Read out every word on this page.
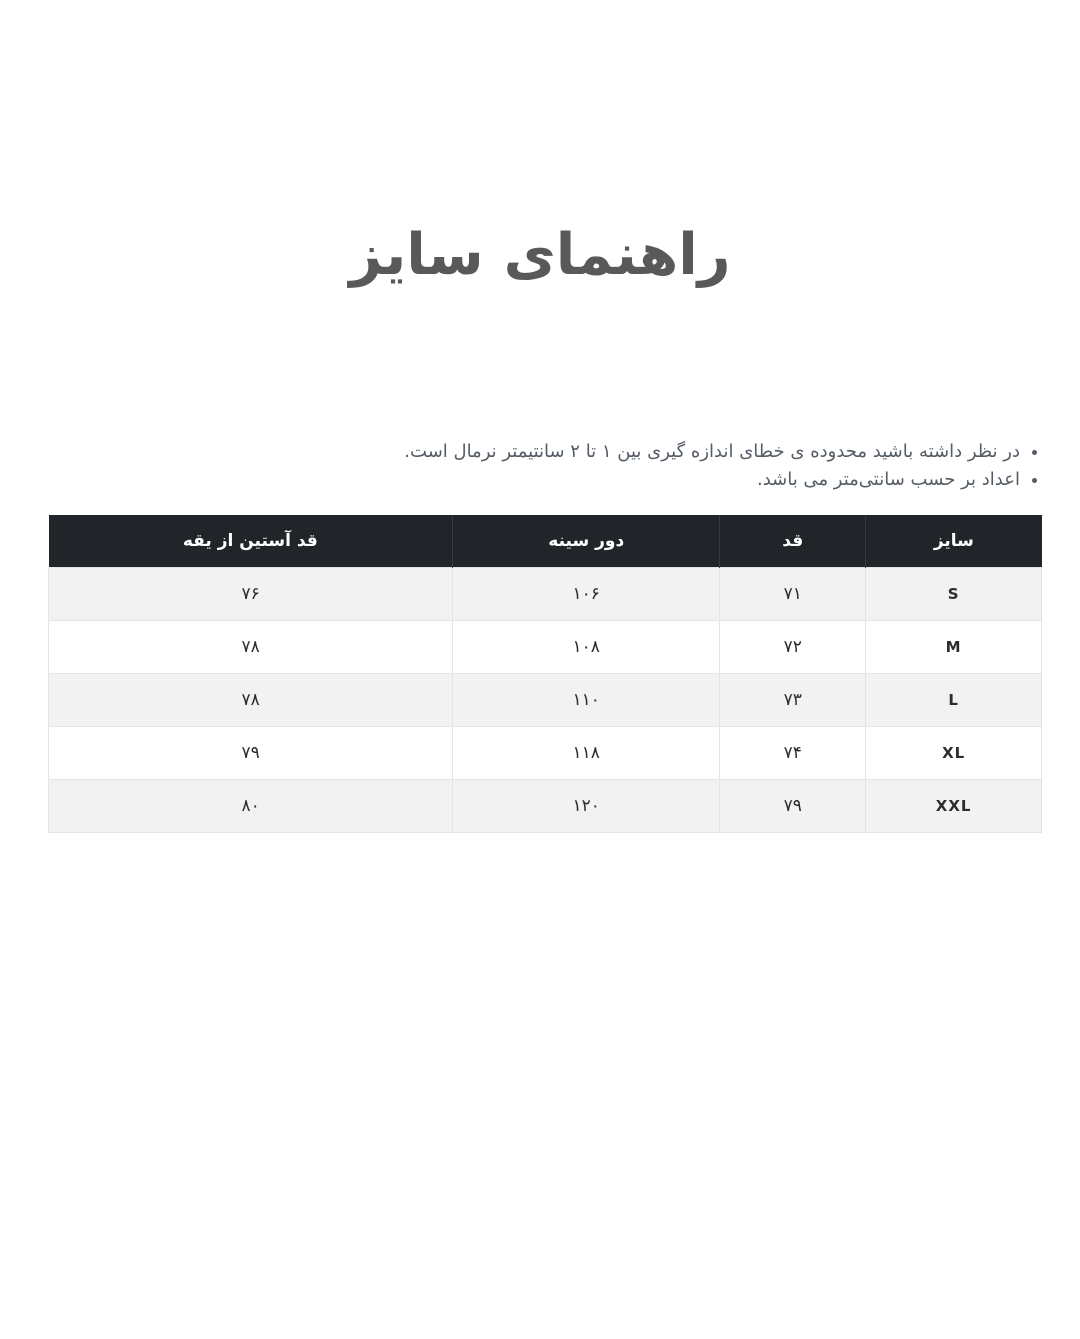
راهنمای سایز
• در نظر داشته باشید محدوده ی خطای اندازه گیری بین ۱ تا ۲ سانتیمتر نرمال است.
• اعداد بر حسب سانتی‌متر می باشد.
سایز	قد	دور سینه	قد آستین از یقه
S	۷۱	۱۰۶	۷۶
M	۷۲	۱۰۸	۷۸
L	۷۳	۱۱۰	۷۸
XL	۷۴	۱۱۸	۷۹
XXL	۷۹	۱۲۰	۸۰
